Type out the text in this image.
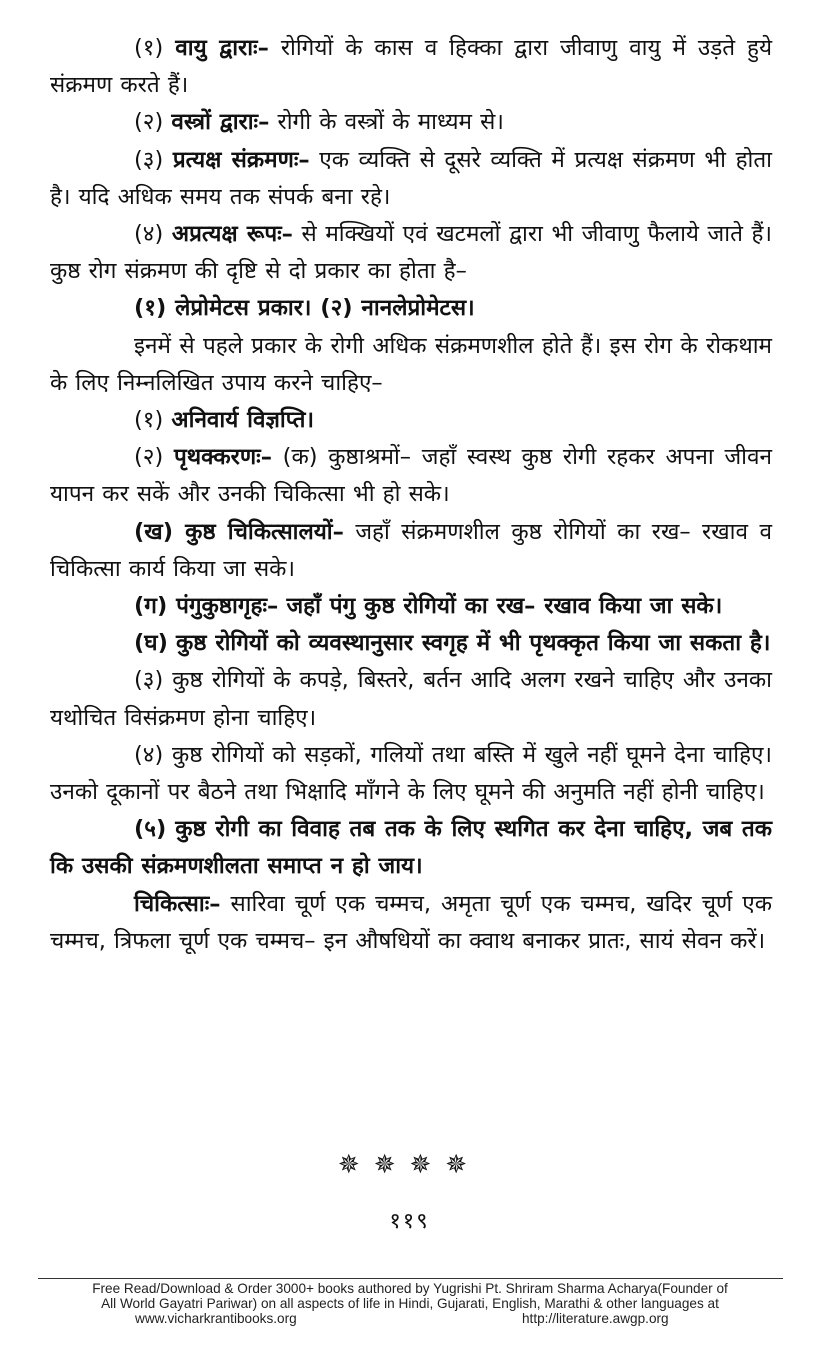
(१) वायु द्वाराः– रोगियों के कास व हिक्का द्वारा जीवाणु वायु में उड़ते हुये संक्रमण करते हैं।

(२) वस्त्रों द्वाराः– रोगी के वस्त्रों के माध्यम से।

(३) प्रत्यक्ष संक्रमणः– एक व्यक्ति से दूसरे व्यक्ति में प्रत्यक्ष संक्रमण भी होता है। यदि अधिक समय तक संपर्क बना रहे।

(४) अप्रत्यक्ष रूपः– से मक्खियों एवं खटमलों द्वारा भी जीवाणु फैलाये जाते हैं। कुष्ठ रोग संक्रमण की दृष्टि से दो प्रकार का होता है–

(१) लेप्रोमेटस प्रकार। (२) नानलेप्रोमेटस।

इनमें से पहले प्रकार के रोगी अधिक संक्रमणशील होते हैं। इस रोग के रोकथाम के लिए निम्नलिखित उपाय करने चाहिए–

(१) अनिवार्य विज्ञप्ति।

(२) पृथक्करणः– (क) कुष्ठाश्रमों– जहाँ स्वस्थ कुष्ठ रोगी रहकर अपना जीवन यापन कर सकें और उनकी चिकित्सा भी हो सके।

(ख) कुष्ठ चिकित्सालयों– जहाँ संक्रमणशील कुष्ठ रोगियों का रख– रखाव व चिकित्सा कार्य किया जा सके।

(ग) पंगुकुष्ठागृहः– जहाँ पंगु कुष्ठ रोगियों का रख– रखाव किया जा सके।

(घ) कुष्ठ रोगियों को व्यवस्थानुसार स्वगृह में भी पृथक्कृत किया जा सकता है।

(३) कुष्ठ रोगियों के कपड़े, बिस्तरे, बर्तन आदि अलग रखने चाहिए और उनका यथोचित विसंक्रमण होना चाहिए।

(४) कुष्ठ रोगियों को सड़कों, गलियों तथा बस्ति में खुले नहीं घूमने देना चाहिए। उनको दूकानों पर बैठने तथा भिक्षादि माँगने के लिए घूमने की अनुमति नहीं होनी चाहिए।

(५) कुष्ठ रोगी का विवाह तब तक के लिए स्थगित कर देना चाहिए, जब तक कि उसकी संक्रमणशीलता समाप्त न हो जाय।

चिकित्साः– सारिवा चूर्ण एक चम्मच, अमृता चूर्ण एक चम्मच, खदिर चूर्ण एक चम्मच, त्रिफला चूर्ण एक चम्मच– इन औषधियों का क्वाथ बनाकर प्रातः, सायं सेवन करें।

✵✵✵✵
११९
Free Read/Download & Order 3000+ books authored by Yugrishi Pt. Shriram Sharma Acharya(Founder of
All World Gayatri Pariwar) on all aspects of life in Hindi, Gujarati, English, Marathi & other languages at
www.vicharkrantibooks.org	http://literature.awgp.org
